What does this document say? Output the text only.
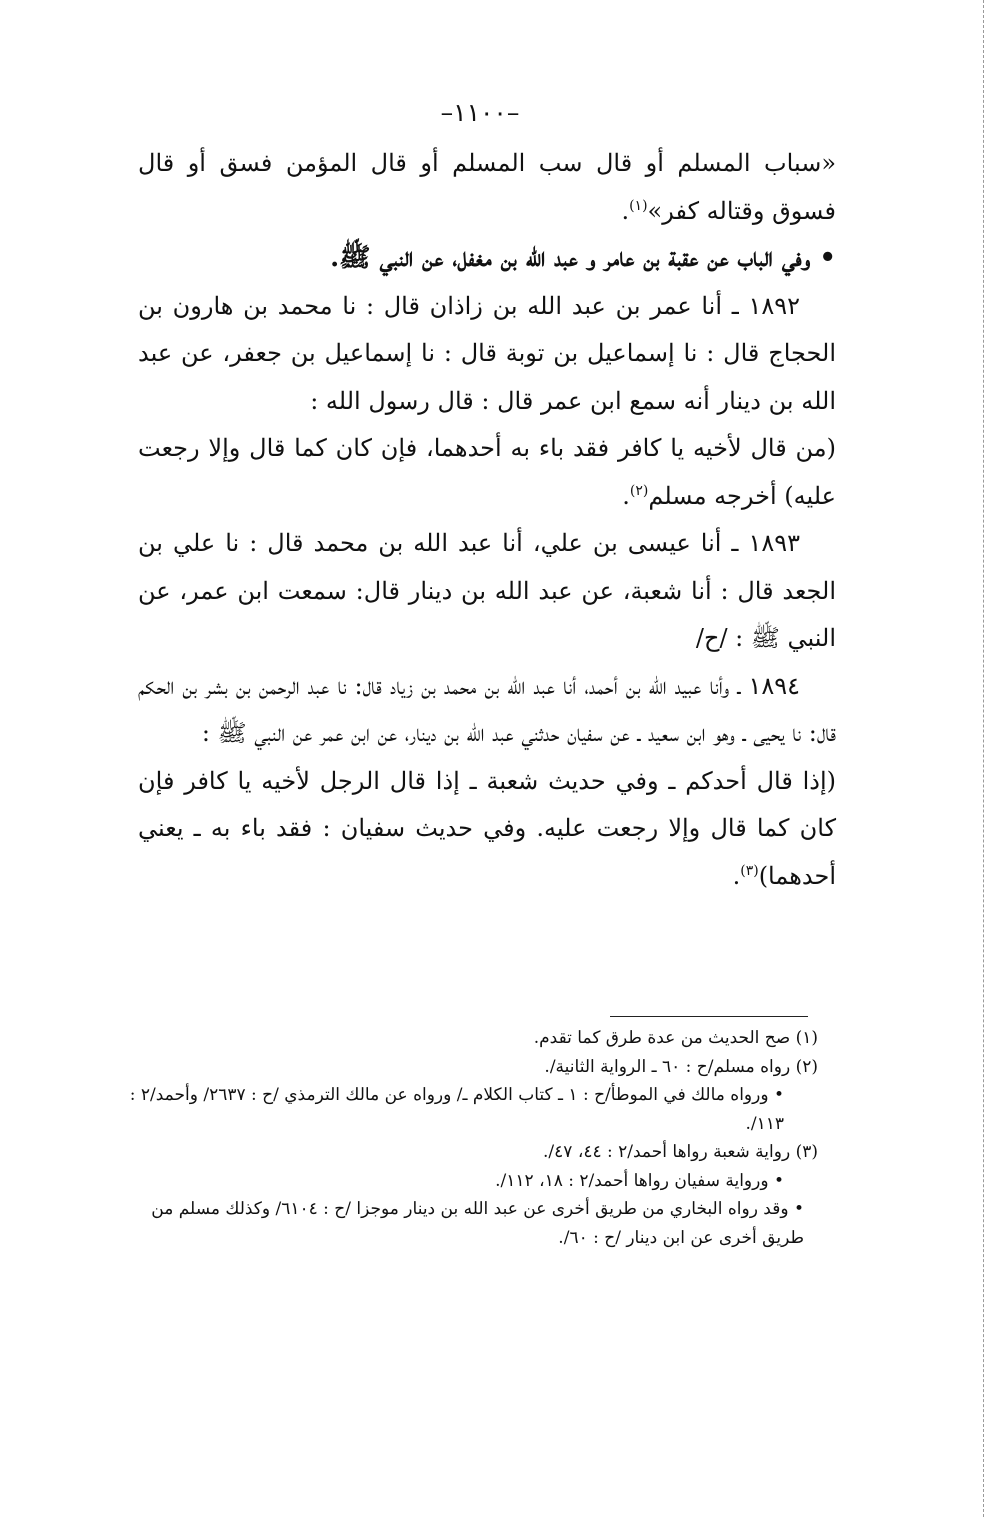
–١١٠٠–

«سباب المسلم أو قال سب المسلم أو قال المؤمن فسق أو قال فسوق وقتاله كفر»$^{(١)}$.

• وفي الباب عن عقبة بن عامر و عبد الله بن مغفل، عن النبي ﷺ.

١٨٩٢ ـ أنا عمر بن عبد الله بن زاذان قال : نا محمد بن هارون بن الحجاج قال : نا إسماعيل بن توبة قال : نا إسماعيل بن جعفر، عن عبد الله بن دينار أنه سمع ابن عمر قال : قال رسول الله :

(من قال لأخيه يا كافر فقد باء به أحدهما، فإن كان كما قال وإلا رجعت عليه) أخرجه مسلم$^{(٢)}$.

١٨٩٣ ـ أنا عيسى بن علي، أنا عبد الله بن محمد قال : نا علي بن الجعد قال : أنا شعبة، عن عبد الله بن دينار قال: سمعت ابن عمر، عن النبي ﷺ : /ح/

١٨٩٤ ـ وأنا عبيد الله بن أحمد، أنا عبد الله بن محمد بن زياد قال: نا عبد الرحمن بن بشر بن الحكم قال: نا يحيى ـ وهو ابن سعيد ـ عن سفيان حدثني عبد الله بن دينار، عن ابن عمر عن النبي ﷺ :

(إذا قال أحدكم ـ وفي حديث شعبة ـ إذا قال الرجل لأخيه يا كافر فإن كان كما قال وإلا رجعت عليه. وفي حديث سفيان : فقد باء به ـ يعني أحدهما)$^{(٣)}$.

(١) صح الحديث من عدة طرق كما تقدم.

(٢) رواه مسلم/ح : ٦٠ ـ الرواية الثانية/.

• ورواه مالك في الموطأ/ح : ١ ـ كتاب الكلام ـ/ ورواه عن مالك الترمذي /ح : ٢٦٣٧/ وأحمد/٢ : ١١٣/.

(٣) رواية شعبة رواها أحمد/٢ : ٤٤، ٤٧/.

• ورواية سفيان رواها أحمد/٢ : ١٨، ١١٢/.

• وقد رواه البخاري من طريق أخرى عن عبد الله بن دينار موجزا /ح : ٦١٠٤/ وكذلك مسلم من طريق أخرى عن ابن دينار /ح : ٦٠/.
